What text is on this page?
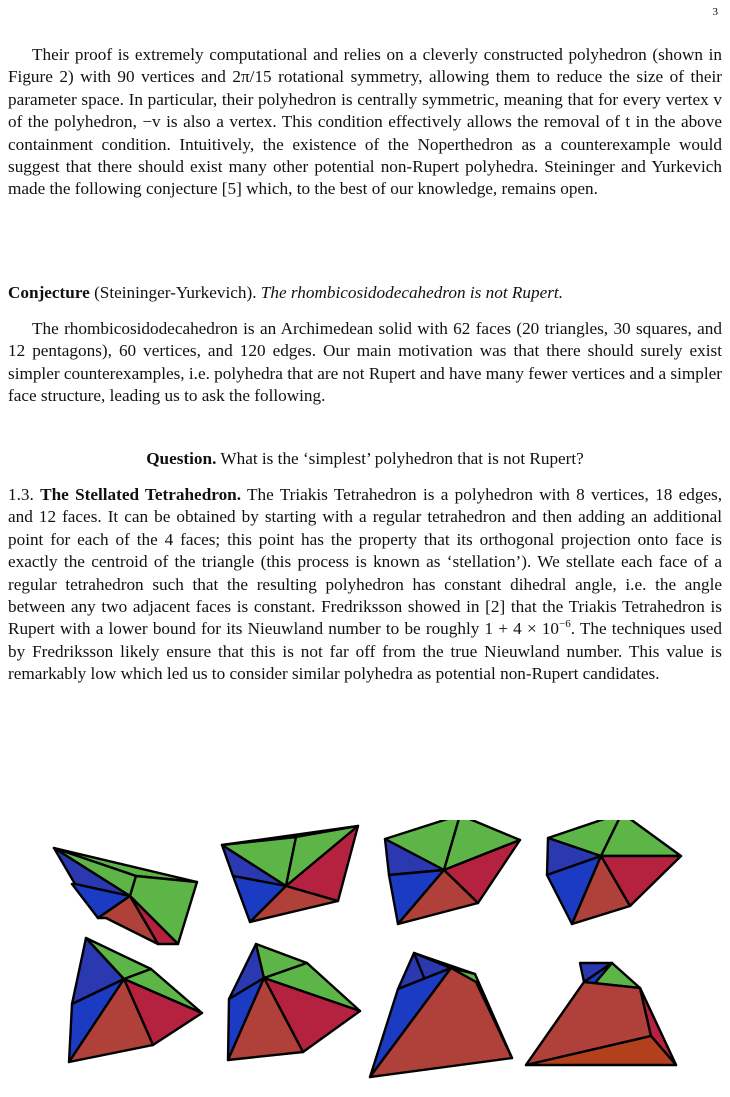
3

Their proof is extremely computational and relies on a cleverly constructed polyhedron (shown in Figure 2) with 90 vertices and 2π/15 rotational symmetry, allowing them to reduce the size of their parameter space. In particular, their polyhedron is centrally symmetric, meaning that for every vertex v of the polyhedron, −v is also a vertex. This condition effectively allows the removal of t in the above containment condition. Intuitively, the existence of the Noperthedron as a counterexample would suggest that there should exist many other potential non-Rupert polyhedra. Steininger and Yurkevich made the following conjecture [5] which, to the best of our knowledge, remains open.

Conjecture (Steininger-Yurkevich). The rhombicosidodecahedron is not Rupert.

The rhombicosidodecahedron is an Archimedean solid with 62 faces (20 triangles, 30 squares, and 12 pentagons), 60 vertices, and 120 edges. Our main motivation was that there should surely exist simpler counterexamples, i.e. polyhedra that are not Rupert and have many fewer vertices and a simpler face structure, leading us to ask the following.

Question. What is the ‘simplest’ polyhedron that is not Rupert?

1.3. The Stellated Tetrahedron. The Triakis Tetrahedron is a polyhedron with 8 vertices, 18 edges, and 12 faces. It can be obtained by starting with a regular tetrahedron and then adding an additional point for each of the 4 faces; this point has the property that its orthogonal projection onto face is exactly the centroid of the triangle (this process is known as ‘stellation’). We stellate each face of a regular tetrahedron such that the resulting polyhedron has constant dihedral angle, i.e. the angle between any two adjacent faces is constant. Fredriksson showed in [2] that the Triakis Tetrahedron is Rupert with a lower bound for its Nieuwland number to be roughly $1 + 4 \times 10^{-6}$. The techniques used by Fredriksson likely ensure that this is not far off from the true Nieuwland number. This value is remarkably low which led us to consider similar polyhedra as potential non-Rupert candidates.
